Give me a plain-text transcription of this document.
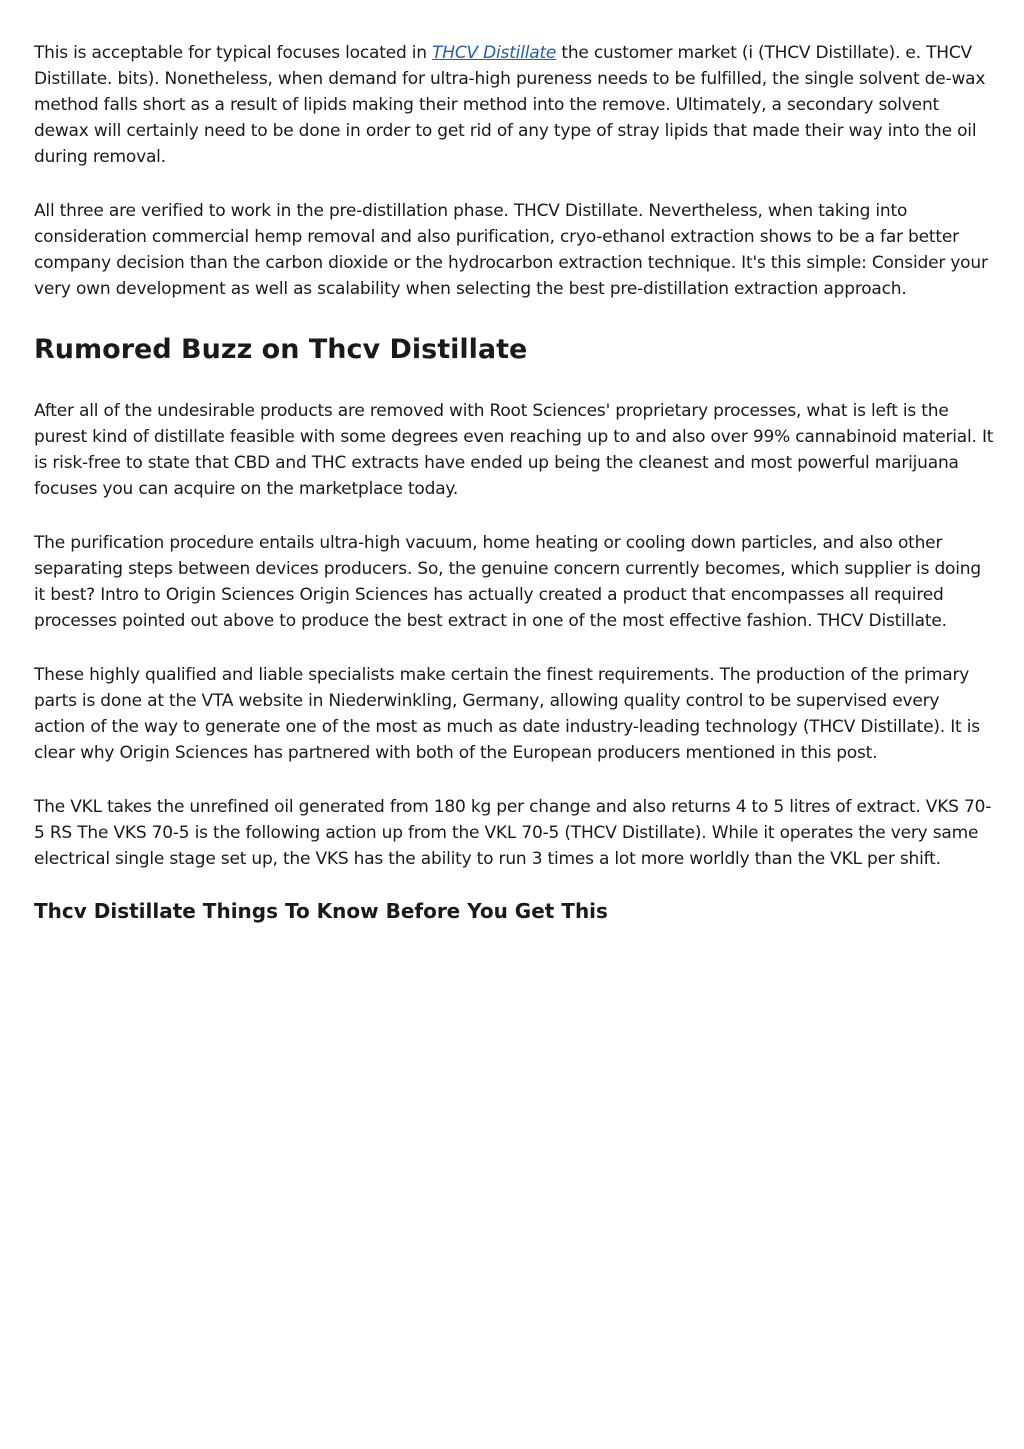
This is acceptable for typical focuses located in THCV Distillate the customer market (i (THCV Distillate). e. THCV Distillate. bits). Nonetheless, when demand for ultra-high pureness needs to be fulfilled, the single solvent de-wax method falls short as a result of lipids making their method into the remove. Ultimately, a secondary solvent dewax will certainly need to be done in order to get rid of any type of stray lipids that made their way into the oil during removal.

All three are verified to work in the pre-distillation phase. THCV Distillate. Nevertheless, when taking into consideration commercial hemp removal and also purification, cryo-ethanol extraction shows to be a far better company decision than the carbon dioxide or the hydrocarbon extraction technique. It's this simple: Consider your very own development as well as scalability when selecting the best pre-distillation extraction approach.

Rumored Buzz on Thcv Distillate

After all of the undesirable products are removed with Root Sciences' proprietary processes, what is left is the purest kind of distillate feasible with some degrees even reaching up to and also over 99% cannabinoid material. It is risk-free to state that CBD and THC extracts have ended up being the cleanest and most powerful marijuana focuses you can acquire on the marketplace today.

The purification procedure entails ultra-high vacuum, home heating or cooling down particles, and also other separating steps between devices producers. So, the genuine concern currently becomes, which supplier is doing it best? Intro to Origin Sciences Origin Sciences has actually created a product that encompasses all required processes pointed out above to produce the best extract in one of the most effective fashion. THCV Distillate.

These highly qualified and liable specialists make certain the finest requirements. The production of the primary parts is done at the VTA website in Niederwinkling, Germany, allowing quality control to be supervised every action of the way to generate one of the most as much as date industry-leading technology (THCV Distillate). It is clear why Origin Sciences has partnered with both of the European producers mentioned in this post.

The VKL takes the unrefined oil generated from 180 kg per change and also returns 4 to 5 litres of extract. VKS 70-5 RS The VKS 70-5 is the following action up from the VKL 70-5 (THCV Distillate). While it operates the very same electrical single stage set up, the VKS has the ability to run 3 times a lot more worldly than the VKL per shift.

Thcv Distillate Things To Know Before You Get This
